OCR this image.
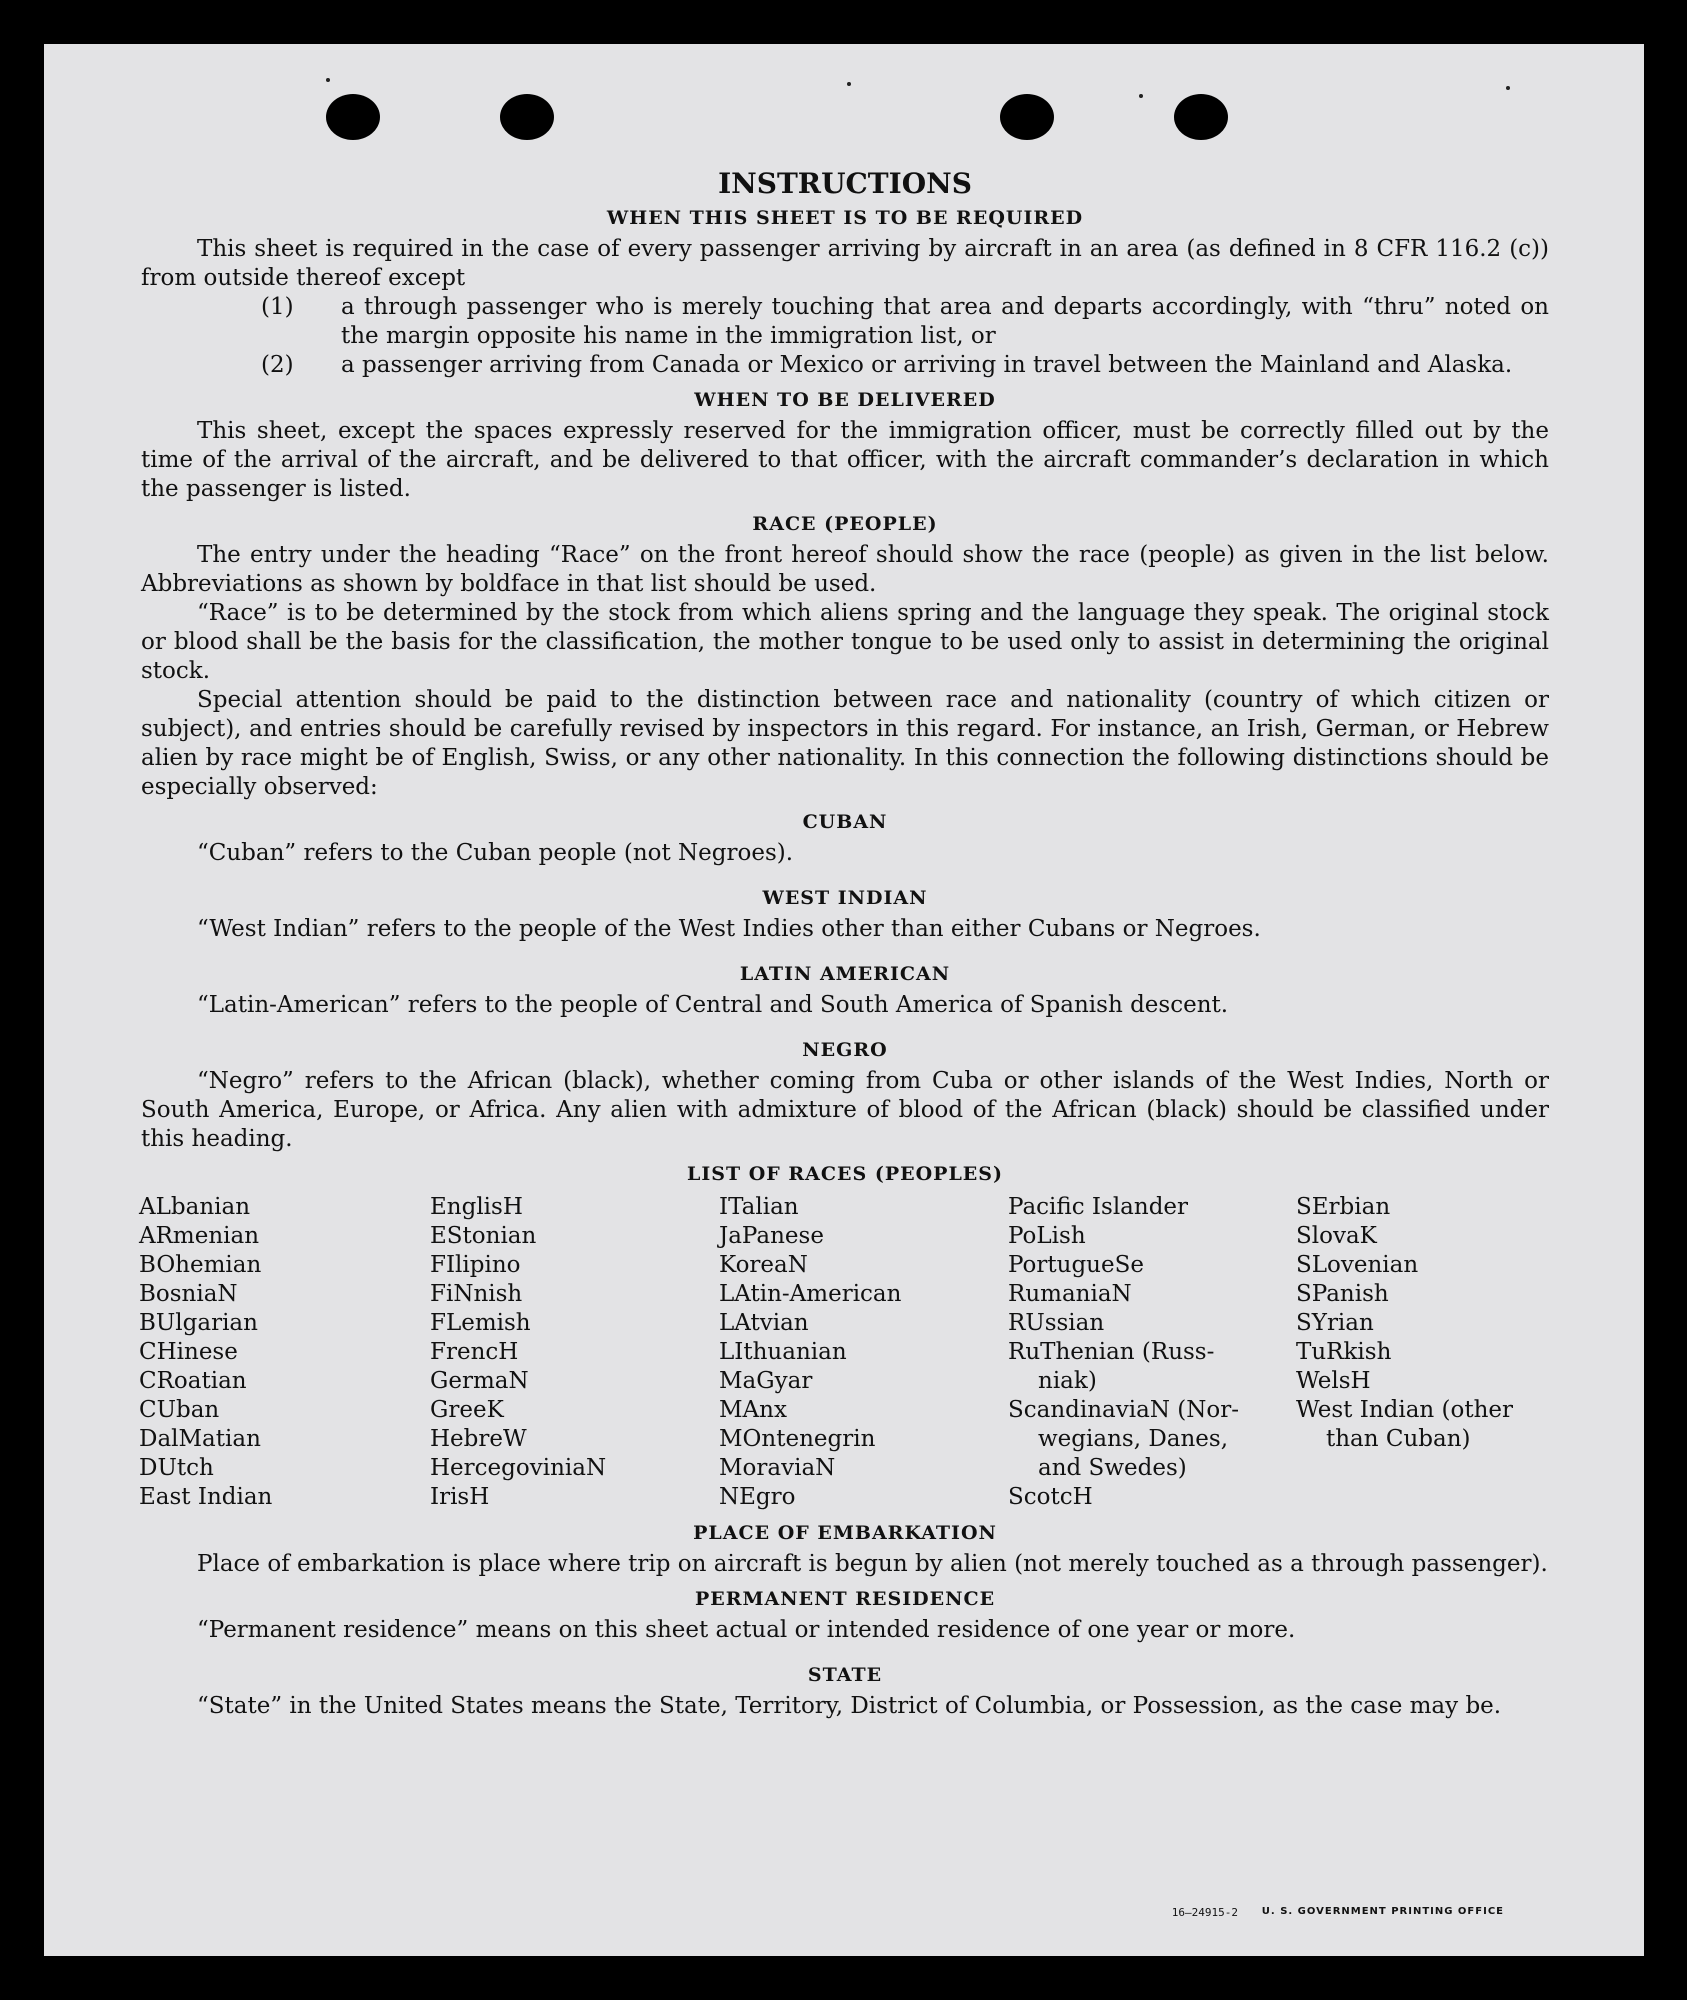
INSTRUCTIONS
WHEN THIS SHEET IS TO BE REQUIRED

This sheet is required in the case of every passenger arriving by aircraft in an area (as defined in 8 CFR 116.2 (c)) from outside thereof except

(1) a through passenger who is merely touching that area and departs accordingly, with “thru” noted on the margin opposite his name in the immigration list, or

(2) a passenger arriving from Canada or Mexico or arriving in travel between the Mainland and Alaska.

WHEN TO BE DELIVERED

This sheet, except the spaces expressly reserved for the immigration officer, must be correctly filled out by the time of the arrival of the aircraft, and be delivered to that officer, with the aircraft commander’s declaration in which the passenger is listed.

RACE (PEOPLE)

The entry under the heading “Race” on the front hereof should show the race (people) as given in the list below. Abbreviations as shown by boldface in that list should be used.

“Race” is to be determined by the stock from which aliens spring and the language they speak. The original stock or blood shall be the basis for the classification, the mother tongue to be used only to assist in determining the original stock.

Special attention should be paid to the distinction between race and nationality (country of which citizen or subject), and entries should be carefully revised by inspectors in this regard. For instance, an Irish, German, or Hebrew alien by race might be of English, Swiss, or any other nationality. In this connection the following distinctions should be especially observed:

CUBAN

“Cuban” refers to the Cuban people (not Negroes).

WEST INDIAN

“West Indian” refers to the people of the West Indies other than either Cubans or Negroes.

LATIN AMERICAN

“Latin-American” refers to the people of Central and South America of Spanish descent.

NEGRO

“Negro” refers to the African (black), whether coming from Cuba or other islands of the West Indies, North or South America, Europe, or Africa. Any alien with admixture of blood of the African (black) should be classified under this heading.

LIST OF RACES (PEOPLES)
ALbanian
ARmenian
BOhemian
BosniaN
BUlgarian
CHinese
CRoatian
CUban
DalMatian
DUtch
East Indian
EnglisH
EStonian
FIlipino
FiNnish
FLemish
FrencH
GermaN
GreeK
HebreW
HercegoviniaN
IrisH
ITalian
JaPanese
KoreaN
LAtin-American
LAtvian
LIthuanian
MaGyar
MAnx
MOntenegrin
MoraviaN
NEgro
Pacific Islander
PoLish
PortugueSe
RumaniaN
RUssian
RuThenian (Russ-
niak)
ScandinaviaN (Nor-
wegians, Danes,
and Swedes)
ScotcH
SErbian
SlovaK
SLovenian
SPanish
SYrian
TuRkish
WelsH
West Indian (other
than Cuban)
PLACE OF EMBARKATION

Place of embarkation is place where trip on aircraft is begun by alien (not merely touched as a through passenger).

PERMANENT RESIDENCE

“Permanent residence” means on this sheet actual or intended residence of one year or more.

STATE

“State” in the United States means the State, Territory, District of Columbia, or Possession, as the case may be.

16—24915-2 U. S. GOVERNMENT PRINTING OFFICE
